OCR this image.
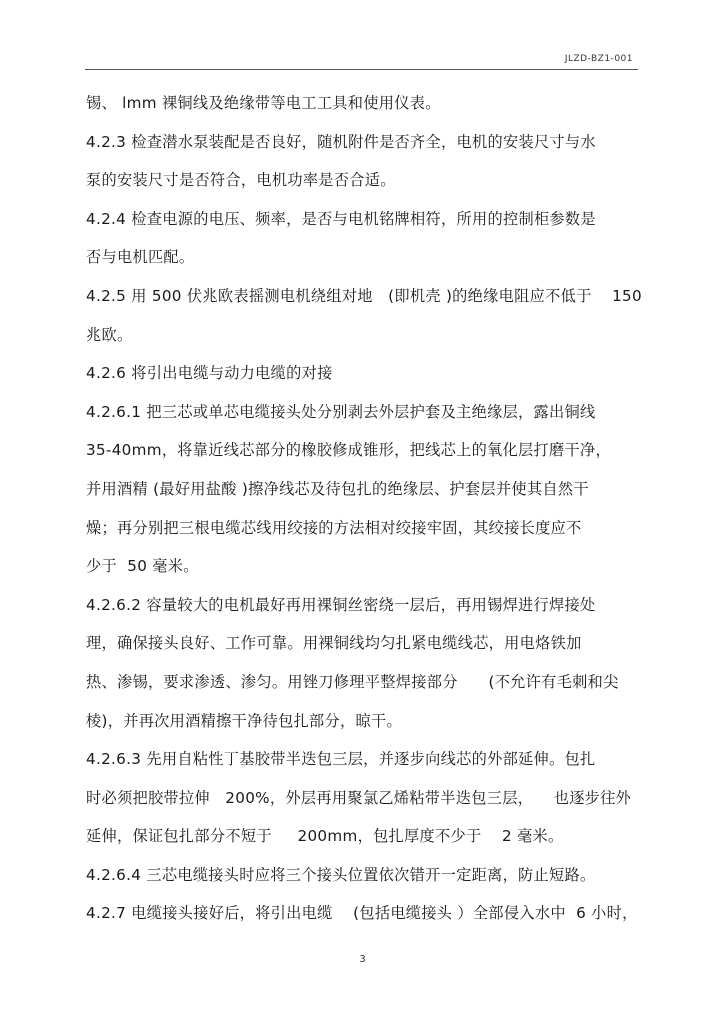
JLZD-BZ1-001
锡、 lmm 裸铜线及绝缘带等电工工具和使用仪表。
4.2.3 检查潜水泵装配是否良好，随机附件是否齐全，电机的安装尺寸与水
泵的安装尺寸是否符合，电机功率是否合适。
4.2.4 检查电源的电压、频率，是否与电机铭牌相符，所用的控制柜参数是
否与电机匹配。
4.2.5 用 500 伏兆欧表摇测电机绕组对地   (即机壳 )的绝缘电阻应不低于    150
兆欧。
4.2.6 将引出电缆与动力电缆的对接
4.2.6.1 把三芯或单芯电缆接头处分别剥去外层护套及主绝缘层，露出铜线
35-40mm，将靠近线芯部分的橡胶修成锥形，把线芯上的氧化层打磨干净，
并用酒精 (最好用盐酸 )擦净线芯及待包扎的绝缘层、护套层并使其自然干
燥；再分别把三根电缆芯线用绞接的方法相对绞接牢固，其绞接长度应不
少于  50 毫米。
4.2.6.2 容量较大的电机最好再用裸铜丝密绕一层后，再用锡焊进行焊接处
理，确保接头良好、工作可靠。用裸铜线均匀扎紧电缆线芯，用电烙铁加
热、渗锡，要求渗透、渗匀。用锉刀修理平整焊接部分      (不允许有毛刺和尖
棱)，并再次用酒精擦干净待包扎部分，晾干。
4.2.6.3 先用自粘性丁基胶带半迭包三层，并逐步向线芯的外部延伸。包扎
时必须把胶带拉伸   200%，外层再用聚氯乙烯粘带半迭包三层，    也逐步往外
延伸，保证包扎部分不短于     200mm，包扎厚度不少于    2 毫米。
4.2.6.4 三芯电缆接头时应将三个接头位置依次错开一定距离，防止短路。
4.2.7 电缆接头接好后，将引出电缆    (包括电缆接头 ）全部侵入水中  6 小时，
3
